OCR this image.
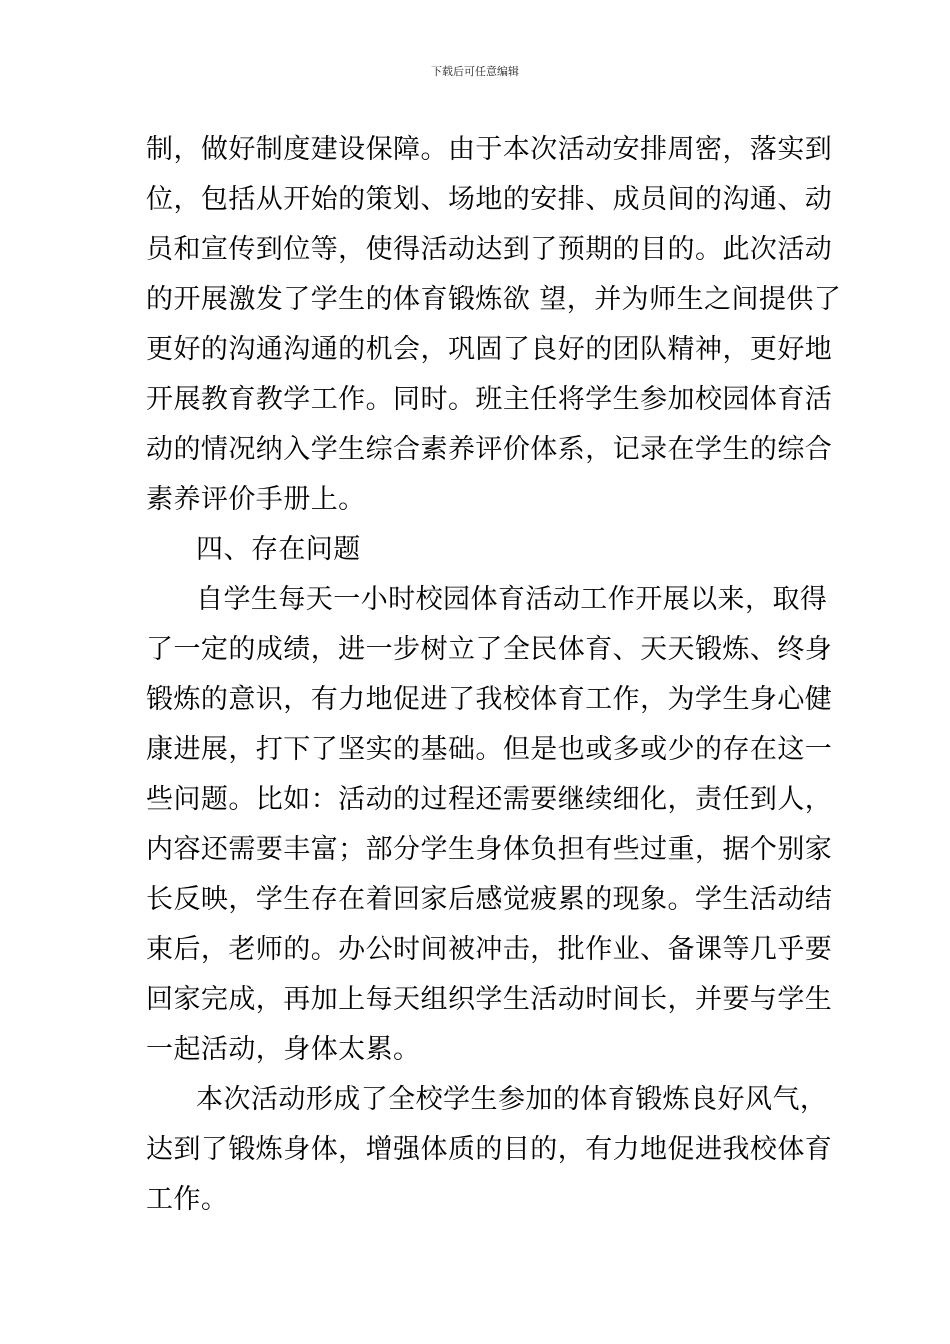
下载后可任意编辑
制，做好制度建设保障。由于本次活动安排周密，落实到
位，包括从开始的策划、场地的安排、成员间的沟通、动
员和宣传到位等，使得活动达到了预期的目的。此次活动
的开展激发了学生的体育锻炼欲 望，并为师生之间提供了
更好的沟通沟通的机会，巩固了良好的团队精神，更好地
开展教育教学工作。同时。班主任将学生参加校园体育活
动的情况纳入学生综合素养评价体系，记录在学生的综合
素养评价手册上。
四、存在问题
自学生每天一小时校园体育活动工作开展以来，取得
了一定的成绩，进一步树立了全民体育、天天锻炼、终身
锻炼的意识，有力地促进了我校体育工作，为学生身心健
康进展，打下了坚实的基础。但是也或多或少的存在这一
些问题。比如：活动的过程还需要继续细化，责任到人，
内容还需要丰富；部分学生身体负担有些过重，据个别家
长反映，学生存在着回家后感觉疲累的现象。学生活动结
束后，老师的。办公时间被冲击，批作业、备课等几乎要
回家完成，再加上每天组织学生活动时间长，并要与学生
一起活动，身体太累。
本次活动形成了全校学生参加的体育锻炼良好风气，
达到了锻炼身体，增强体质的目的，有力地促进我校体育
工作。
